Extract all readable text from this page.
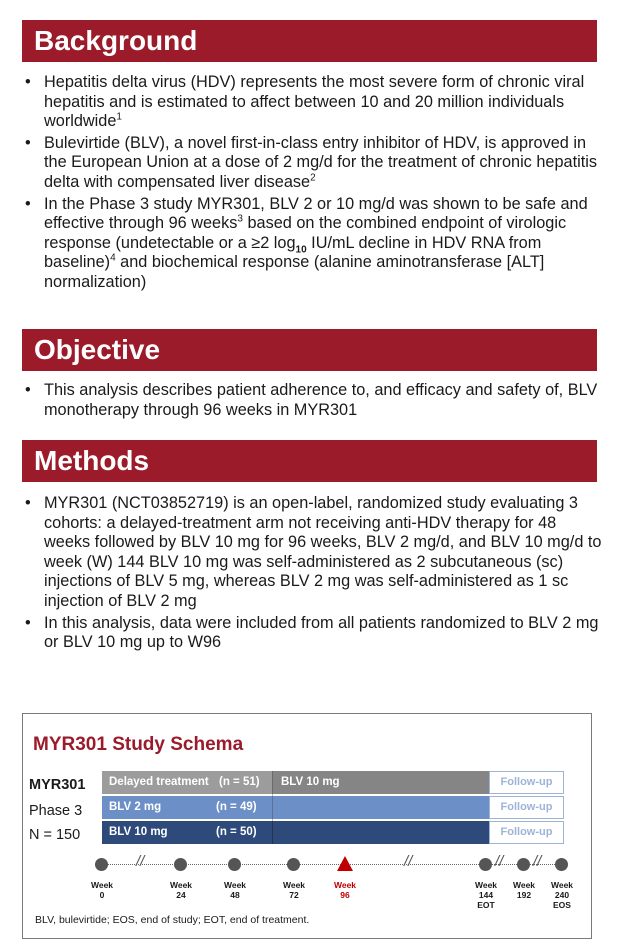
Background
• Hepatitis delta virus (HDV) represents the most severe form of chronic viral hepatitis and is estimated to affect between 10 and 20 million individuals worldwide$^1$
• Bulevirtide (BLV), a novel first-in-class entry inhibitor of HDV, is approved in the European Union at a dose of 2 mg/d for the treatment of chronic hepatitis delta with compensated liver disease$^2$
• In the Phase 3 study MYR301, BLV 2 or 10 mg/d was shown to be safe and effective through 96 weeks$^3$ based on the combined endpoint of virologic response (undetectable or a ≥2 $\log_{10} IU/mL$ decline in HDV RNA from baseline)$^4$ and biochemical response (alanine aminotransferase [ALT] normalization)
Objective
• This analysis describes patient adherence to, and efficacy and safety of, BLV monotherapy through 96 weeks in MYR301
Methods
• MYR301 (NCT03852719) is an open-label, randomized study evaluating 3 cohorts: a delayed-treatment arm not receiving anti-HDV therapy for 48 weeks followed by BLV 10 mg for 96 weeks, BLV 2 mg/d, and BLV 10 mg/d to week (W) 144 BLV 10 mg was self-administered as 2 subcutaneous (sc) injections of BLV 5 mg, whereas BLV 2 mg was self-administered as 1 sc injection of BLV 2 mg
• In this analysis, data were included from all patients randomized to BLV 2 mg or BLV 10 mg up to W96
MYR301 Study Schema
MYR301
Phase 3
N = 150
Delayed treatment (n = 51) BLV 10 mg	Follow-up
BLV 2 mg	(n = 49)	Follow-up
BLV 10 mg	(n = 50)	Follow-up
//	//	// //
Week
0
Week
24
Week
48
Week
72
Week
96
Week
144
EOT
Week
192
Week
240
EOS
BLV, bulevirtide; EOS, end of study; EOT, end of treatment.
